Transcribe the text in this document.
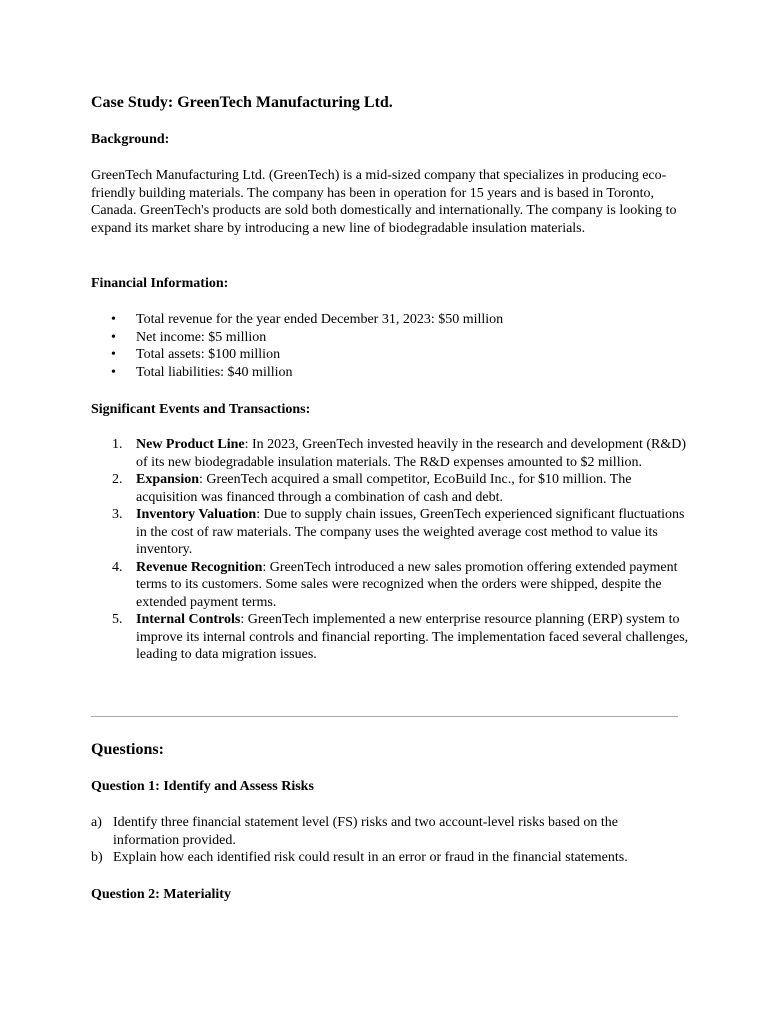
Case Study: GreenTech Manufacturing Ltd.
Background:

GreenTech Manufacturing Ltd. (GreenTech) is a mid-sized company that specializes in producing eco-friendly building materials. The company has been in operation for 15 years and is based in Toronto, Canada. GreenTech's products are sold both domestically and internationally. The company is looking to expand its market share by introducing a new line of biodegradable insulation materials.

Financial Information:
• Total revenue for the year ended December 31, 2023: $50 million
• Net income: $5 million
• Total assets: $100 million
• Total liabilities: $40 million
Significant Events and Transactions:
1. New Product Line: In 2023, GreenTech invested heavily in the research and development (R&D) of its new biodegradable insulation materials. The R&D expenses amounted to $2 million.
2. Expansion: GreenTech acquired a small competitor, EcoBuild Inc., for $10 million. The acquisition was financed through a combination of cash and debt.
3. Inventory Valuation: Due to supply chain issues, GreenTech experienced significant fluctuations in the cost of raw materials. The company uses the weighted average cost method to value its inventory.
4. Revenue Recognition: GreenTech introduced a new sales promotion offering extended payment terms to its customers. Some sales were recognized when the orders were shipped, despite the extended payment terms.
5. Internal Controls: GreenTech implemented a new enterprise resource planning (ERP) system to improve its internal controls and financial reporting. The implementation faced several challenges, leading to data migration issues.
Questions:
Question 1: Identify and Assess Risks
a) Identify three financial statement level (FS) risks and two account-level risks based on the information provided.
b) Explain how each identified risk could result in an error or fraud in the financial statements.
Question 2: Materiality
